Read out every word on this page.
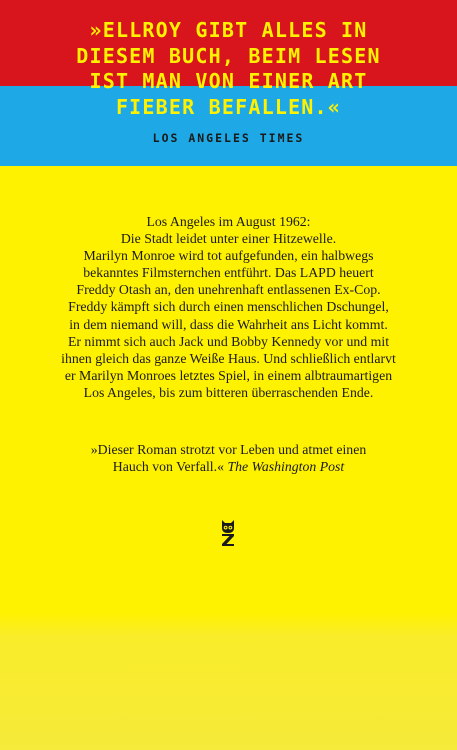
»ELLROY GIBT ALLES IN
DIESEM BUCH, BEIM LESEN
IST MAN VON EINER ART
FIEBER BEFALLEN.«

LOS ANGELES TIMES

Los Angeles im August 1962:
Die Stadt leidet unter einer Hitzewelle.
Marilyn Monroe wird tot aufgefunden, ein halbwegs
bekanntes Filmsternchen entführt. Das LAPD heuert
Freddy Otash an, den unehrenhaft entlassenen Ex-Cop.
Freddy kämpft sich durch einen menschlichen Dschungel,
in dem niemand will, dass die Wahrheit ans Licht kommt.
Er nimmt sich auch Jack und Bobby Kennedy vor und mit
ihnen gleich das ganze Weiße Haus. Und schließlich entlarvt
er Marilyn Monroes letztes Spiel, in einem albtraumartigen
Los Angeles, bis zum bitteren überraschenden Ende.

»Dieser Roman strotzt vor Leben und atmet einen
Hauch von Verfall.« The Washington Post
